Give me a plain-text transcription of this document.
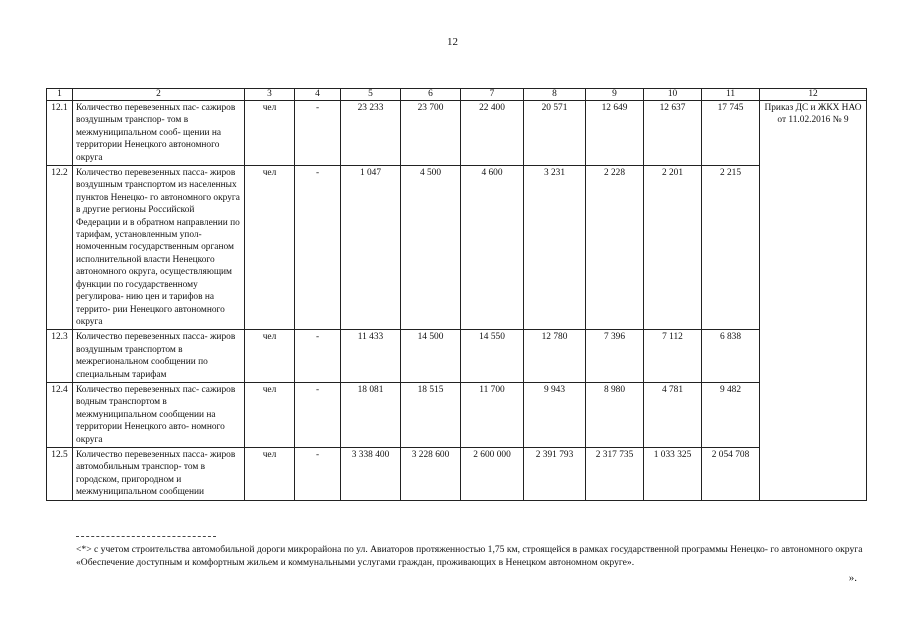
12
1	2	3	4	5	6	7	8	9	10	11	12
12.1	Количество перевезенных пас- сажиров воздушным транспор- том в межмуниципальном сооб- щении на территории Ненецкого автономного округа	чел	-	23 233	23 700	22 400	20 571	12 649	12 637	17 745	Приказ ДС и ЖКХ НАО от 11.02.2016 № 9
12.2	Количество перевезенных пасса- жиров воздушным транспортом из населенных пунктов Ненецко- го автономного округа в другие регионы Российской Федерации и в обратном направлении по тарифам, установленным упол- номоченным государственным органом исполнительной власти Ненецкого автономного округа, осуществляющим функции по государственному регулирова- нию цен и тарифов на террито- рии Ненецкого автономного округа	чел	-	1 047	4 500	4 600	3 231	2 228	2 201	2 215	
12.3	Количество перевезенных пасса- жиров воздушным транспортом в межрегиональном сообщении по специальным тарифам	чел	-	11 433	14 500	14 550	12 780	7 396	7 112	6 838	
12.4	Количество перевезенных пас- сажиров водным транспортом в межмуниципальном сообщении на территории Ненецкого авто- номного округа	чел	-	18 081	18 515	11 700	9 943	8 980	4 781	9 482	
12.5	Количество перевезенных пасса- жиров автомобильным транспор- том в городском, пригородном и межмуниципальном сообщении	чел	-	3 338 400	3 228 600	2 600 000	2 391 793	2 317 735	1 033 325	2 054 708	
<*> с учетом строительства автомобильной дороги микрорайона по ул. Авиаторов протяженностью 1,75 км, строящейся в рамках государственной программы Ненецко- го автономного округа «Обеспечение доступным и комфортным жильем и коммунальными услугами граждан, проживающих в Ненецком автономном округе».
».
